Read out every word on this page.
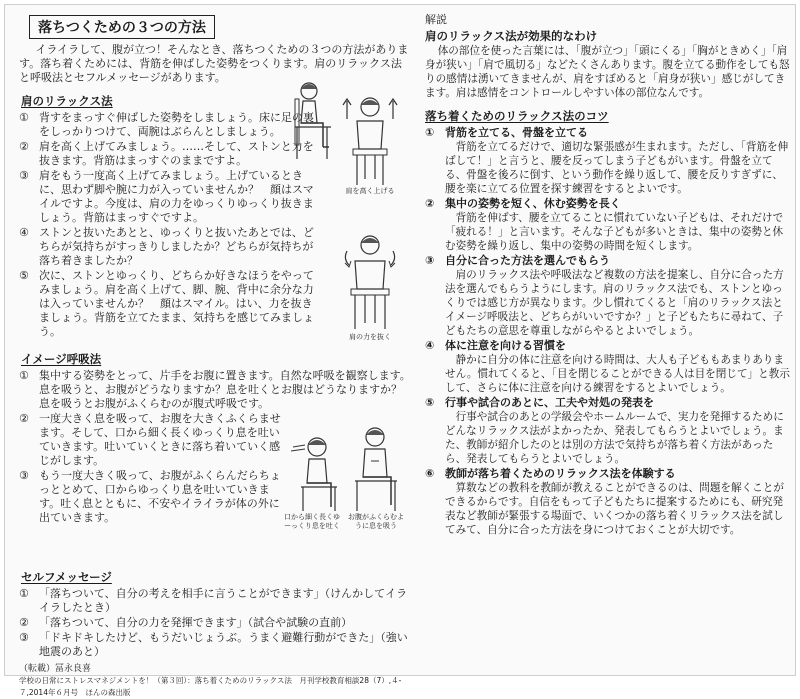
落ちつくための３つの方法
イライラして、腹が立つ！そんなとき、落ちつくための３つの方法があります。落ち着くためには、背筋を伸ばした姿勢をつくります。肩のリラックス法と呼吸法とセフルメッセージがあります。
肩のリラックス法
① 背すをまっすぐ伸ばした姿勢をしましょう。床に足の裏をしっかりつけて、両腕はぶらんとしましょう。
② 肩を高く上げてみましょう。……そして、ストンと力を抜きます。背筋はまっすぐのままですよ。
③ 肩をもう一度高く上げてみましょう。上げているときに、思わず脚や腕に力が入っていませんか？　顔はスマイルですよ。今度は、肩の力をゆっくりゆっくり抜きましょう。背筋はまっすぐですよ。
④ ストンと抜いたあとと、ゆっくりと抜いたあとでは、どちらが気持ちがすっきりしましたか？どちらが気持ちが落ち着きましたか？
⑤ 次に、ストンとゆっくり、どちらか好きなほうをやってみましょう。肩を高く上げて、脚、腕、背中に余分な力は入っていませんか？　顔はスマイル。はい、力を抜きましょう。背筋を立てたまま、気持ちを感じてみましょう。
肩を高く上げる
肩の力を抜く
イメージ呼吸法
① 集中する姿勢をとって、片手をお腹に置きます。自然な呼吸を観察します。息を吸うと、お腹がどうなりますか？息を吐くとお腹はどうなりますか？息を吸うとお腹がふくらむのが腹式呼吸です。
② 一度大きく息を吸って、お腹を大きくふくらませます。そして、口から細く長くゆっくり息を吐いていきます。吐いていくときに落ち着いていく感じがします。
③ もう一度大きく吸って、お腹がふくらんだらちょっととめて、口からゆっくり息を吐いていきます。吐く息とともに、不安やイライラが体の外に出ていきます。	口から細く長くゆーっくり息を吐く
お腹がふくらむように息を吸う
セルフメッセージ
① 「落ちついて、自分の考えを相手に言うことができます」（けんかしてイライラしたとき）
② 「落ちついて、自分の力を発揮できます」（試合や試験の直前）
③ 「ドキドキしたけど、もうだいじょうぶ。うまく避難行動ができた」（強い地震のあと）
（転載）冨永良喜
学校の日常にストレスマネジメントを！（第３回）：落ち着くためのリラックス法　月刊学校教育相談28（7）,４-７,2014年６月号　ほんの森出版
解説
肩のリラックス法が効果的なわけ
体の部位を使った言葉には、「腹が立つ」「頭にくる」「胸がときめく」「肩身が狭い」「肩で風切る」などたくさんあります。腹を立てる動作をしても怒りの感情は湧いてきませんが、肩をすぼめると「肩身が狭い」感じがしてきます。肩は感情をコントロールしやすい体の部位なんです。
落ち着くためのリラックス法のコツ
① 背筋を立てる、骨盤を立てる
背筋を立てるだけで、適切な緊張感が生まれます。ただし、「背筋を伸ばして！」と言うと、腰を反ってしまう子どもがいます。骨盤を立てる、骨盤を後ろに倒す、という動作を繰り返して、腰を反りすぎずに、腰を楽に立てる位置を探す練習をするとよいです。
② 集中の姿勢を短く、休む姿勢を長く
背筋を伸ばす、腰を立てることに慣れていない子どもは、それだけで「疲れる！」と言います。そんな子どもが多いときは、集中の姿勢と休む姿勢を繰り返し、集中の姿勢の時間を短くします。
③ 自分に合った方法を選んでもらう
肩のリラックス法や呼吸法など複数の方法を提案し、自分に合った方法を選んでもらうようにします。肩のリラックス法でも、ストンとゆっくりでは感じ方が異なります。少し慣れてくると「肩のリラックス法とイメージ呼吸法と、どちらがいいですか？」と子どもたちに尋ねて、子どもたちの意思を尊重しながらやるとよいでしょう。
④ 体に注意を向ける習慣を
静かに自分の体に注意を向ける時間は、大人も子どももあまりありません。慣れてくると、「目を閉じることができる人は目を閉じて」と教示して、さらに体に注意を向ける練習をするとよいでしょう。
⑤ 行事や試合のあとに、工夫や対処の発表を
行事や試合のあとの学級会やホームルームで、実力を発揮するためにどんなリラックス法がよかったか、発表してもらうとよいでしょう。また、教師が紹介したのとは別の方法で気持ちが落ち着く方法があったら、発表してもらうとよいでしょう。
⑥ 教師が落ち着くためのリラックス法を体験する
算数などの教科を教師が教えることができるのは、問題を解くことができるからです。自信をもって子どもたちに提案するためにも、研究発表など教師が緊張する場面で、いくつかの落ち着くリラックス法を試してみて、自分に合った方法を身につけておくことが大切です。
